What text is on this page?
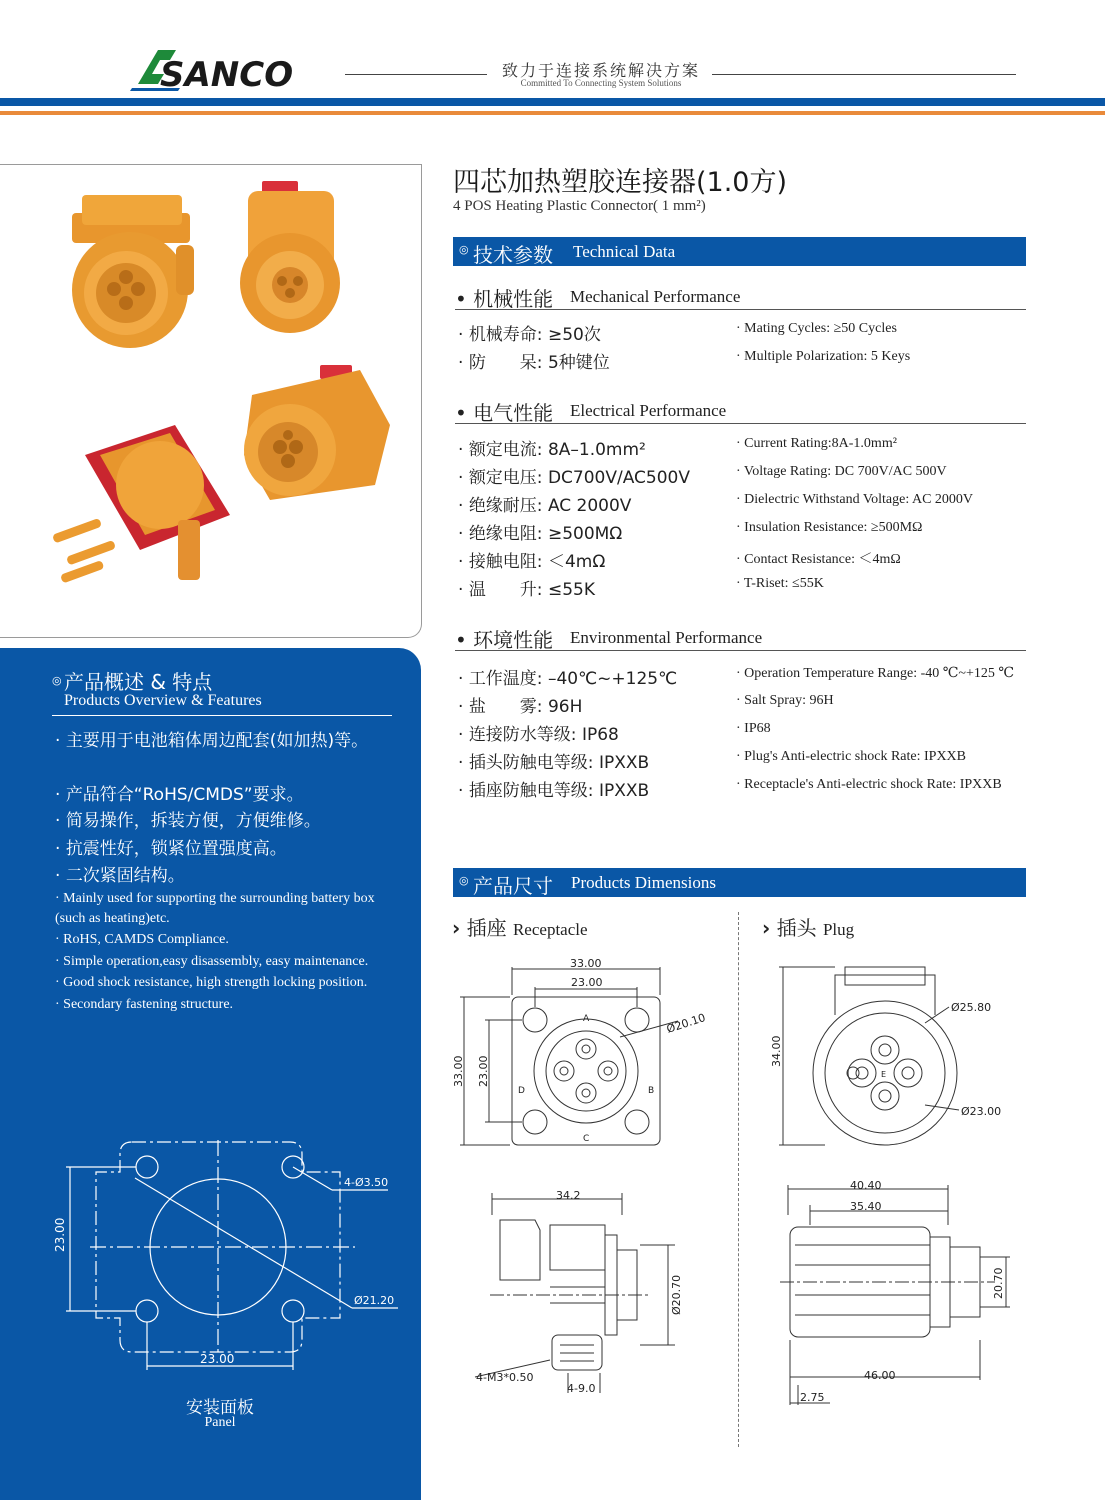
SANCO	致力于连接系统解决方案
Committed To Connecting System Solutions
四芯加热塑胶连接器(1.0方)
4 POS Heating Plastic Connector( 1 mm²)
◎ 技术参数 Technical Data
• 机械性能 Mechanical Performance
· 机械寿命: ≥50次	· Mating Cycles: ≥50 Cycles
· 防　　呆: 5种键位	· Multiple Polarization: 5 Keys
• 电气性能 Electrical Performance
· 额定电流: 8A–1.0mm²	· Current Rating:8A-1.0mm²
· 额定电压: DC700V/AC500V	· Voltage Rating: DC 700V/AC 500V
· 绝缘耐压: AC 2000V	· Dielectric Withstand Voltage: AC 2000V
· 绝缘电阻: ≥500MΩ	· Insulation Resistance: ≥500MΩ
· 接触电阻: ＜4mΩ	· Contact Resistance: ＜4mΩ
· 温　　升: ≤55K	· T-Riset: ≤55K
• 环境性能 Environmental Performance
· 工作温度: –40℃~+125℃	· Operation Temperature Range: -40 ℃~+125 ℃
· 盐　　雾: 96H	· Salt Spray: 96H
· 连接防水等级: IP68	· IP68
· 插头防触电等级: IPXXB	· Plug's Anti-electric shock Rate: IPXXB
· 插座防触电等级: IPXXB	· Receptacle's Anti-electric shock Rate: IPXXB
◎ 产品概述 & 特点
Products Overview & Features
· 主要用于电池箱体周边配套(如加热)等。
· 产品符合“RoHS/CMDS”要求。
· 简易操作，拆装方便，方便维修。
· 抗震性好，锁紧位置强度高。
· 二次紧固结构。
· Mainly used for supporting the surrounding battery box (such as heating)etc.
· RoHS, CAMDS Compliance.
· Simple operation,easy disassembly, easy maintenance.
· Good shock resistance, high strength locking position.
· Secondary fastening structure.
4-Ø3.50
Ø21.20
23.00
23.00
安装面板
Panel
◎ 产品尺寸 Products Dimensions
› 插座 Receptacle	› 插头 Plug
33.00
23.00
33.00 23.00
Ø20.10
A
B
C
D
Ø25.80
Ø23.00
34.00
E
34.2
Ø20.70
4-M3*0.50
4-9.0
40.40
35.40
46.00
2.75
20.70
